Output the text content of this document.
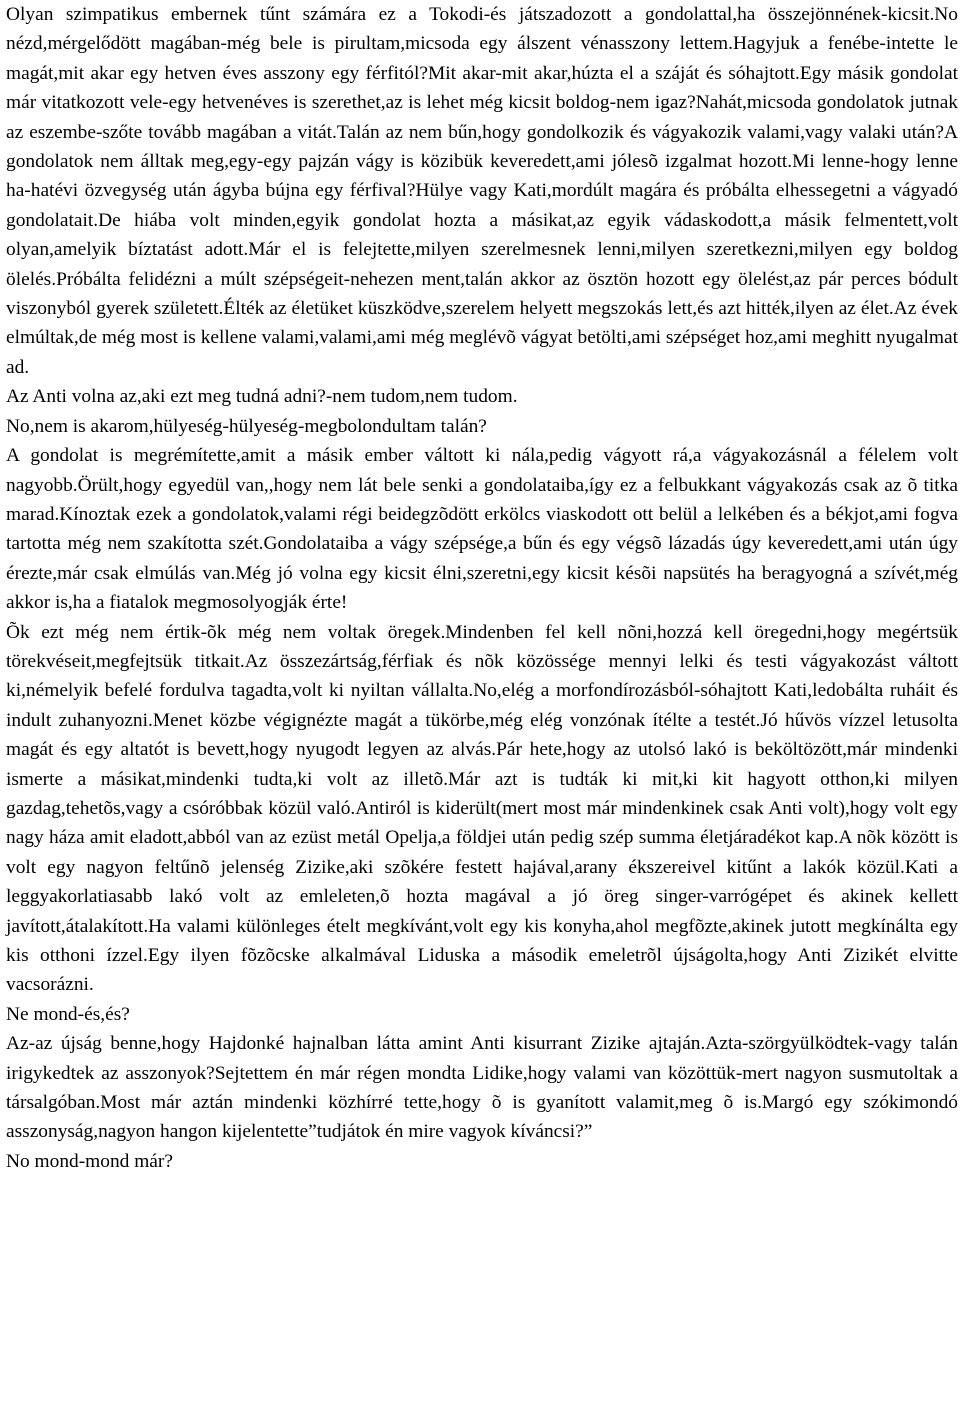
Olyan szimpatikus embernek tűnt számára ez a Tokodi-és játszadozott a gondolattal,ha összejönnének-kicsit.No nézd,mérgelődött magában-még bele is pirultam,micsoda egy álszent vénasszony lettem.Hagyjuk a fenébe-intette le magát,mit akar egy hetven éves asszony egy férfitól?Mit akar-mit akar,húzta el a száját és sóhajtott.Egy másik gondolat már vitatkozott vele-egy hetvenéves is szerethet,az is lehet még kicsit boldog-nem igaz?Nahát,micsoda gondolatok jutnak az eszembe-szőte tovább magában a vitát.Talán az nem bűn,hogy gondolkozik és vágyakozik valami,vagy valaki után?A gondolatok nem álltak meg,egy-egy pajzán vágy is közibük keveredett,ami jólesõ izgalmat hozott.Mi lenne-hogy lenne ha-hatévi özvegység után ágyba bújna egy férfival?Hülye vagy Kati,mordúlt magára és próbálta elhessegetni a vágyadó gondolatait.De hiába volt minden,egyik gondolat hozta a másikat,az egyik vádaskodott,a másik felmentett,volt olyan,amelyik bíztatást adott.Már el is felejtette,milyen szerelmesnek lenni,milyen szeretkezni,milyen egy boldog ölelés.Próbálta felidézni a múlt szépségeit-nehezen ment,talán akkor az ösztön hozott egy ölelést,az pár perces bódult viszonyból gyerek született.Élték az életüket küszködve,szerelem helyett megszokás lett,és azt hitték,ilyen az élet.Az évek elmúltak,de még most is kellene valami,valami,ami még meglévõ vágyat betölti,ami szépséget hoz,ami meghitt nyugalmat ad.

Az Anti volna az,aki ezt meg tudná adni?-nem tudom,nem tudom.

No,nem is akarom,hülyeség-hülyeség-megbolondultam talán?

A gondolat is megrémítette,amit a másik ember váltott ki nála,pedig vágyott rá,a vágyakozásnál a félelem volt nagyobb.Örült,hogy egyedül van,,hogy nem lát bele senki a gondolataiba,így ez a felbukkant vágyakozás csak az õ titka marad.Kínoztak ezek a gondolatok,valami régi beidegzõdött erkölcs viaskodott ott belül a lelkében és a békjot,ami fogva tartotta még nem szakította szét.Gondolataiba a vágy szépsége,a bűn és egy végsõ lázadás úgy keveredett,ami után úgy érezte,már csak elmúlás van.Még jó volna egy kicsit élni,szeretni,egy kicsit késõi napsütés ha beragyogná a szívét,még akkor is,ha a fiatalok megmosolyogják érte!

Õk ezt még nem értik-õk még nem voltak öregek.Mindenben fel kell nõni,hozzá kell öregedni,hogy megértsük törekvéseit,megfejtsük titkait.Az összezártság,férfiak és nõk közössége mennyi lelki és testi vágyakozást váltott ki,némelyik befelé fordulva tagadta,volt ki nyiltan vállalta.No,elég a morfondírozásból-sóhajtott Kati,ledobálta ruháit és indult zuhanyozni.Menet közbe végignézte magát a tükörbe,még elég vonzónak ítélte a testét.Jó hűvös vízzel letusolta magát és egy altatót is bevett,hogy nyugodt legyen az alvás.Pár hete,hogy az utolsó lakó is beköltözött,már mindenki ismerte a másikat,mindenki tudta,ki volt az illetõ.Már azt is tudták ki mit,ki kit hagyott otthon,ki milyen gazdag,tehetõs,vagy a csóróbbak közül való.Antiról is kiderült(mert most már mindenkinek csak Anti volt),hogy volt egy nagy háza amit eladott,abból van az ezüst metál Opelja,a földjei után pedig szép summa életjáradékot kap.A nõk között is volt egy nagyon feltűnõ jelenség Zizike,aki szõkére festett hajával,arany ékszereivel kitűnt a lakók közül.Kati a leggyakorlatiasabb lakó volt az emleleten,õ hozta magával a jó öreg singer-varrógépet és akinek kellett javított,átalakított.Ha valami különleges ételt megkívánt,volt egy kis konyha,ahol megfõzte,akinek jutott megkínálta egy kis otthoni ízzel.Egy ilyen fõzõcske alkalmával Liduska a második emeletrõl újságolta,hogy Anti Zizikét elvitte vacsorázni.

Ne mond-és,és?

Az-az újság benne,hogy Hajdonké hajnalban látta amint Anti kisurrant Zizike ajtaján.Azta-szörgyülködtek-vagy talán irigykedtek az asszonyok?Sejtettem én már régen mondta Lidike,hogy valami van közöttük-mert nagyon susmutoltak a társalgóban.Most már aztán mindenki közhírré tette,hogy õ is gyanított valamit,meg õ is.Margó egy szókimondó asszonyság,nagyon hangon kijelentette”tudjátok én mire vagyok kíváncsi?”

No mond-mond már?
